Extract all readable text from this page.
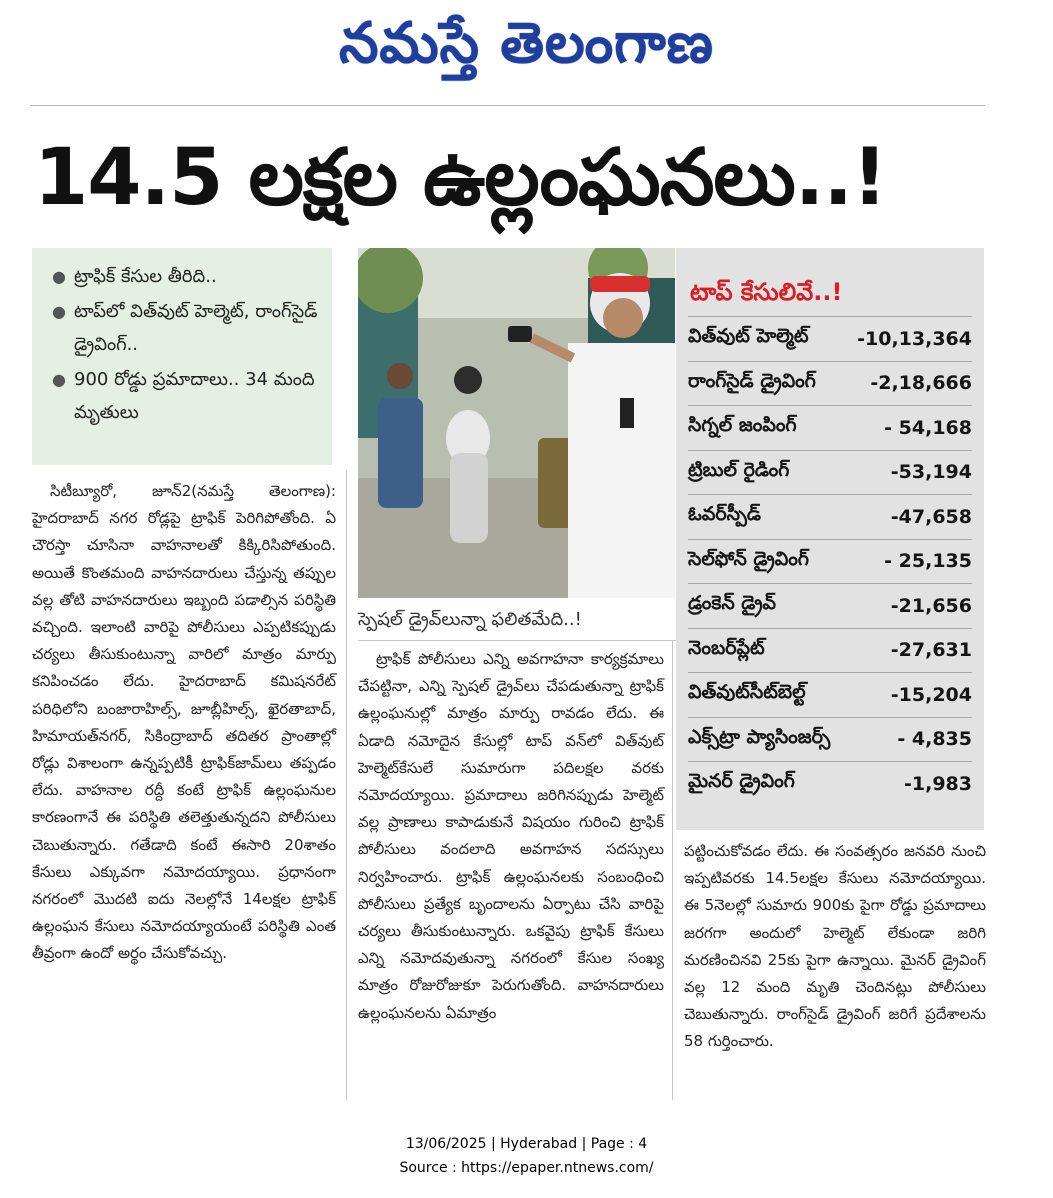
నమస్తే తెలంగాణ
14.5 లక్షల ఉల్లంఘనలు..!
● ట్రాఫిక్ కేసుల తీరిది..
● టాప్‌లో విత్‌వుట్ హెల్మెట్, రాంగ్‌సైడ్ డ్రైవింగ్..
● 900 రోడ్డు ప్రమాదాలు.. 34 మంది మృతులు

సిటీబ్యూరో, జూన్2(నమస్తే తెలంగాణ): హైదరాబాద్ నగర రోడ్లపై ట్రాఫిక్ పెరిగిపోతోంది. ఏ చౌరస్తా చూసినా వాహనాలతో కిక్కిరిసిపోతుంది. అయితే కొంతమంది వాహనదారులు చేస్తున్న తప్పుల వల్ల తోటి వాహనదారులు ఇబ్బంది పడాల్సిన పరిస్థితి వచ్చింది. ఇలాంటి వారిపై పోలీసులు ఎప్పటికప్పుడు చర్యలు తీసుకుంటున్నా వారిలో మాత్రం మార్పు కనిపించడం లేదు. హైదరాబాద్ కమిషనరేట్ పరిధిలోని బంజారాహిల్స్, జూబ్లీహిల్స్, ఖైరతాబాద్, హిమాయత్‌నగర్, సికింద్రాబాద్ తదితర ప్రాంతాల్లో రోడ్లు విశాలంగా ఉన్నప్పటికీ ట్రాఫిక్‌జామ్‌లు తప్పడం లేదు. వాహనాల రద్దీ కంటే ట్రాఫిక్ ఉల్లంఘనుల కారణంగానే ఈ పరిస్థితి తలెత్తుతున్నదని పోలీసులు చెబుతున్నారు. గతేడాది కంటే ఈసారి 20శాతం కేసులు ఎక్కువగా నమోదయ్యాయి. ప్రధానంగా నగరంలో మొదటి ఐదు నెలల్లోనే 14లక్షల ట్రాఫిక్ ఉల్లంఘన కేసులు నమోదయ్యాయంటే పరిస్థితి ఎంత తీవ్రంగా ఉందో అర్థం చేసుకోవచ్చు.

స్పెషల్ డ్రైవ్‌లున్నా ఫలితమేది..!

ట్రాఫిక్ పోలీసులు ఎన్ని అవగాహనా కార్యక్రమాలు చేపట్టినా, ఎన్ని స్పెషల్ డ్రైవ్‌లు చేపడుతున్నా ట్రాఫిక్ ఉల్లంఘనుల్లో మాత్రం మార్పు రావడం లేదు. ఈ ఏడాది నమోదైన కేసుల్లో టాప్ వన్‌లో విత్‌వుట్ హెల్మెట్‌కేసులే సుమారుగా పదిలక్షల వరకు నమోదయ్యాయి. ప్రమాదాలు జరిగినప్పుడు హెల్మెట్ వల్ల ప్రాణాలు కాపాడుకునే విషయం గురించి ట్రాఫిక్ పోలీసులు వందలాది అవగాహన సదస్సులు నిర్వహించారు. ట్రాఫిక్ ఉల్లంఘనలకు సంబంధించి పోలీసులు ప్రత్యేక బృందాలను ఏర్పాటు చేసి వారిపై చర్యలు తీసుకుంటున్నారు. ఒకవైపు ట్రాఫిక్ కేసులు ఎన్ని నమోదవుతున్నా నగరంలో కేసుల సంఖ్య మాత్రం రోజురోజుకూ పెరుగుతోంది. వాహనదారులు ఉల్లంఘనలను ఏమాత్రం

టాప్ కేసులివే..!
విత్‌వుట్ హెల్మెట్	-10,13,364
రాంగ్‌సైడ్ డ్రైవింగ్	-2,18,666
సిగ్నల్ జంపింగ్	- 54,168
ట్రిబుల్ రైడింగ్	-53,194
ఓవర్‌స్పీడ్	-47,658
సెల్‌ఫోన్ డ్రైవింగ్	- 25,135
డ్రంకెన్ డ్రైవ్	-21,656
నెంబర్‌ప్లేట్	-27,631
విత్‌వుట్‌సీట్‌బెల్ట్	-15,204
ఎక్స్‌ట్రా ప్యాసింజర్స్	- 4,835
మైనర్ డ్రైవింగ్	-1,983

పట్టించుకోవడం లేదు. ఈ సంవత్సరం జనవరి నుంచి ఇప్పటివరకు 14.5లక్షల కేసులు నమోదయ్యాయి. ఈ 5నెలల్లో సుమారు 900కు పైగా రోడ్డు ప్రమాదాలు జరగగా అందులో హెల్మెట్ లేకుండా జరిగి మరణించినవి 25కు పైగా ఉన్నాయి. మైనర్ డ్రైవింగ్ వల్ల 12 మంది మృతి చెందినట్లు పోలీసులు చెబుతున్నారు. రాంగ్‌సైడ్ డ్రైవింగ్ జరిగే ప్రదేశాలను 58 గుర్తించారు.

13/06/2025 | Hyderabad | Page : 4
Source : https://epaper.ntnews.com/
